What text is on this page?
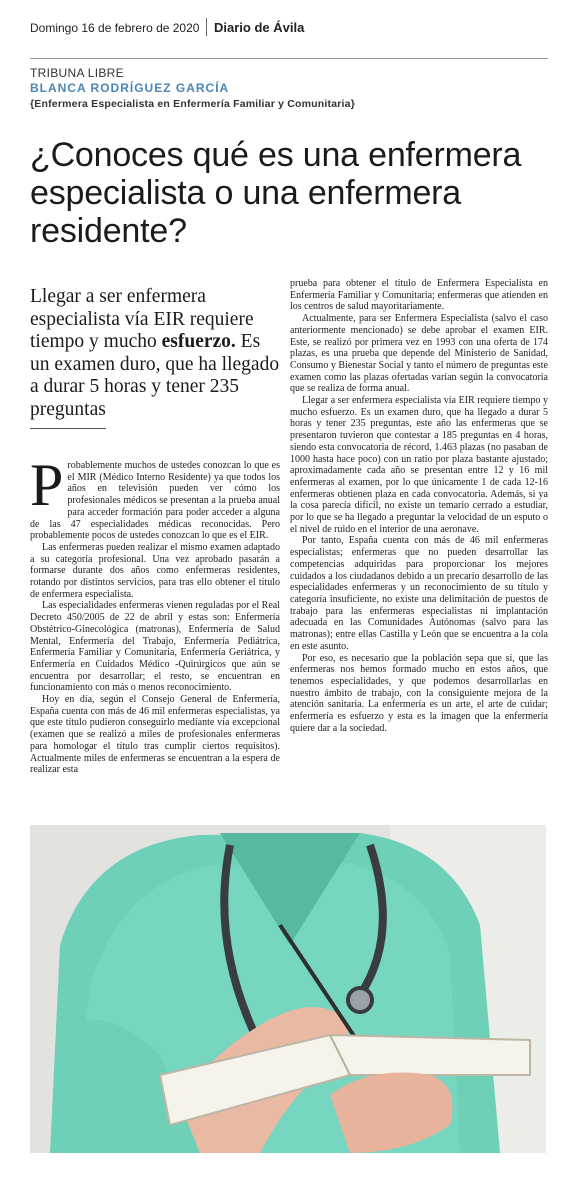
Domingo 16 de febrero de 2020 Diario de Ávila
TRIBUNA LIBRE
BLANCA RODRÍGUEZ GARCÍA
{Enfermera Especialista en Enfermería Familiar y Comunitaria}
¿Conoces qué es una enfermera especialista o una enfermera residente?
Llegar a ser enfermera especialista vía EIR requiere tiempo y mucho esfuerzo. Es un examen duro, que ha llegado a durar 5 horas y tener 235 preguntas

Probablemente muchos de ustedes conozcan lo que es el MIR (Médico Interno Residente) ya que todos los años en televisión pueden ver cómo los profesionales médicos se presentan a la prueba anual para acceder formación para poder acceder a alguna de las 47 especialidades médicas reconocidas. Pero probablemente pocos de ustedes conozcan lo que es el EIR.

Las enfermeras pueden realizar el mismo examen adaptado a su categoría profesional. Una vez aprobado pasarán a formarse durante dos años como enfermeras residentes, rotando por distintos servicios, para tras ello obtener el título de enfermera especialista.

Las especialidades enfermeras vienen reguladas por el Real Decreto 450/2005 de 22 de abril y estas son: Enfermería Obstétrico-Ginecológica (matronas), Enfermería de Salud Mental, Enfermería del Trabajo, Enfermería Pediátrica, Enfermería Familiar y Comunitaria, Enfermería Geriátrica, y Enfermería en Cuidados Médico -Quirúrgicos que aún se encuentra por desarrollar; el resto, se encuentran en funcionamiento con más o menos reconocimiento.

Hoy en día, según el Consejo General de Enfermería, España cuenta con más de 46 mil enfermeras especialistas, ya que este título pudieron conseguirlo mediante vía excepcional (examen que se realizó a miles de profesionales enfermeras para homologar el título tras cumplir ciertos requisitos). Actualmente miles de enfermeras se encuentran a la espera de realizar esta

prueba para obtener el título de Enfermera Especialista en Enfermería Familiar y Comunitaria; enfermeras que atienden en los centros de salud mayoritariamente.

Actualmente, para ser Enfermera Especialista (salvo el caso anteriormente mencionado) se debe aprobar el examen EIR. Este, se realizó por primera vez en 1993 con una oferta de 174 plazas, es una prueba que depende del Ministerio de Sanidad, Consumo y Bienestar Social y tanto el número de preguntas este examen como las plazas ofertadas varían según la convocatoria que se realiza de forma anual.

Llegar a ser enfermera especialista vía EIR requiere tiempo y mucho esfuerzo. Es un examen duro, que ha llegado a durar 5 horas y tener 235 preguntas, este año las enfermeras que se presentaron tuvieron que contestar a 185 preguntas en 4 horas, siendo esta convocatoria de récord, 1.463 plazas (no pasaban de 1000 hasta hace poco) con un ratio por plaza bastante ajustado; aproximadamente cada año se presentan entre 12 y 16 mil enfermeras al examen, por lo que únicamente 1 de cada 12-16 enfermeras obtienen plaza en cada convocatoria. Además, si ya la cosa parecía difícil, no existe un temario cerrado a estudiar, por lo que se ha llegado a preguntar la velocidad de un esputo o el nivel de ruido en el interior de una aeronave.

Por tanto, España cuenta con más de 46 mil enfermeras especialistas; enfermeras que no pueden desarrollar las competencias adquiridas para proporcionar los mejores cuidados a los ciudadanos debido a un precario desarrollo de las especialidades enfermeras y un reconocimiento de su título y categoría insuficiente, no existe una delimitación de puestos de trabajo para las enfermeras especialistas ni implantación adecuada en las Comunidades Autónomas (salvo para las matronas); entre ellas Castilla y León que se encuentra a la cola en este asunto.

Por eso, es necesario que la población sepa que sí, que las enfermeras nos hemos formado mucho en estos años, que tenemos especialidades, y que podemos desarrollarlas en nuestro ámbito de trabajo, con la consiguiente mejora de la atención sanitaria. La enfermería es un arte, el arte de cuidar; enfermería es esfuerzo y esta es la imagen que la enfermería quiere dar a la sociedad.
